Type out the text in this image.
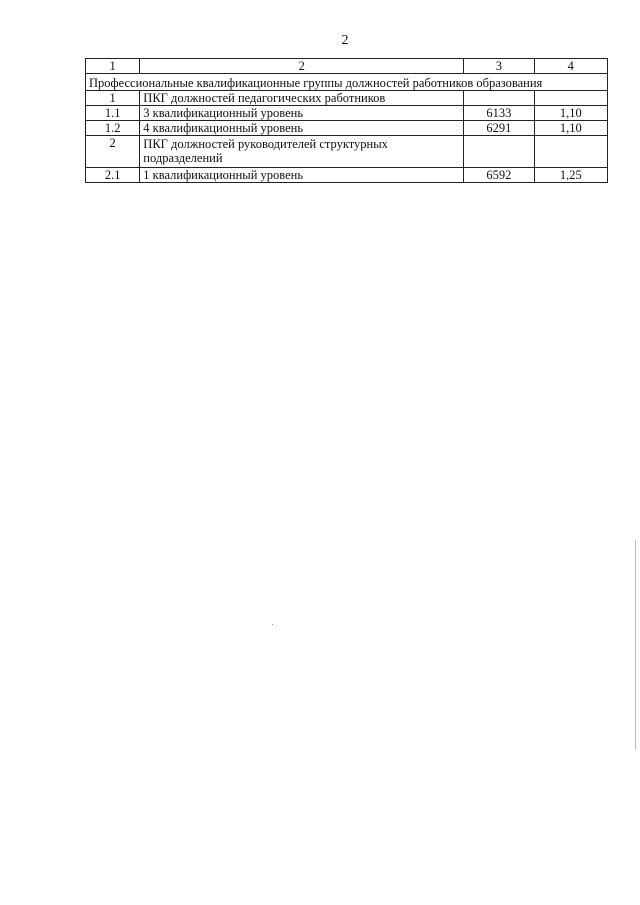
2
1	2	3	4
Профессиональные квалификационные группы должностей работников образования			
1	ПКГ должностей педагогических работников		
1.1	3 квалификационный уровень	6133	1,10
1.2	4 квалификационный уровень	6291	1,10
2	ПКГ должностей руководителей структурных подразделений		
2.1	1 квалификационный уровень	6592	1,25
